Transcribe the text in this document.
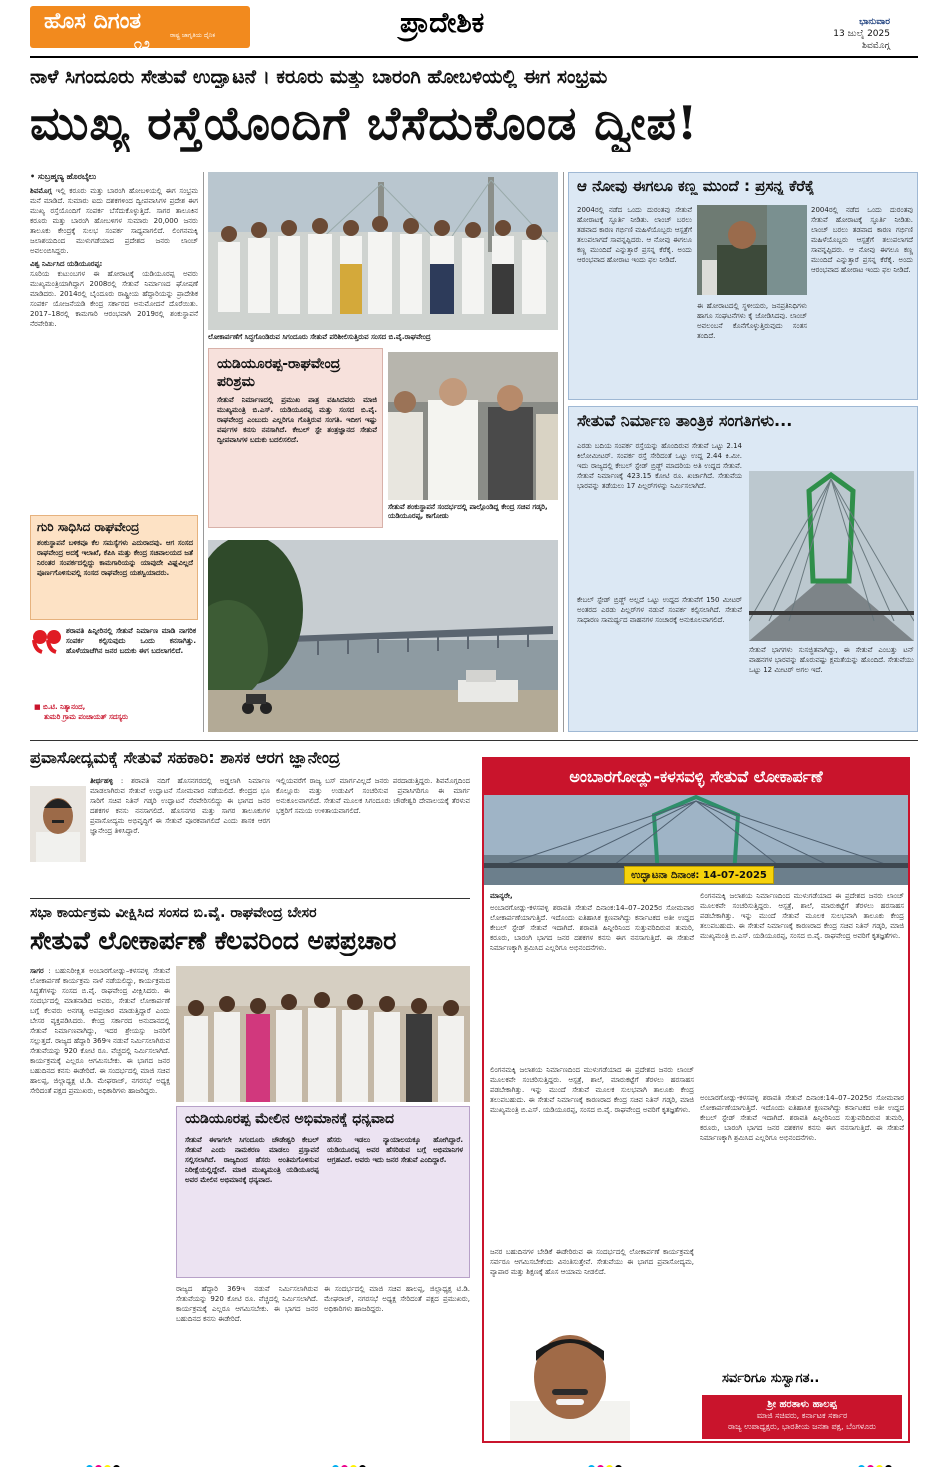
ಹೊಸ ದಿಗಂತ
೧೨
ರಾಷ್ಟ್ರ ಜಾಗೃತಿಯ ದೈನಿಕ	ಪ್ರಾದೇಶಿಕ	ಭಾನುವಾರ
13 ಜುಲೈ 2025
ಶಿವಮೊಗ್ಗ
ನಾಳೆ ಸಿಗಂದೂರು ಸೇತುವೆ ಉದ್ಘಾಟನೆ । ಕರೂರು ಮತ್ತು ಬಾರಂಗಿ ಹೋಬಳಿಯಲ್ಲಿ ಈಗ ಸಂಭ್ರಮ
ಮುಖ್ಯ ರಸ್ತೆಯೊಂದಿಗೆ ಬೆಸೆದುಕೊಂಡ ದ್ವೀಪ!
• ಸುಬ್ರಹ್ಮಣ್ಯ ಹೊರಬೈಲು
ಶಿವಮೊಗ್ಗ ಇಲ್ಲಿ ಕರೂರು ಮತ್ತು ಬಾರಂಗಿ ಹೋಬಳಿಯಲ್ಲಿ ಈಗ ಸಂಭ್ರಮ ಮನೆ ಮಾಡಿದೆ. ಸುಮಾರು ಐದು ದಶಕಗಳಿಂದ ದ್ವೀಪವಾಸಿಗಳ ಪ್ರದೇಶ ಈಗ ಮುಖ್ಯ ರಸ್ತೆಯೊಂದಿಗೆ ಸಂಪರ್ಕ ಬೆಸೆದುಕೊಳ್ಳುತ್ತಿದೆ. ಸಾಗರ ತಾಲೂಕಿನ ಕರೂರು ಮತ್ತು ಬಾರಂಗಿ ಹೋಬಳಿಗಳ ಸುಮಾರು 20,000 ಜನರು ತಾಲೂಕು ಕೇಂದ್ರಕ್ಕೆ ಸುಲಭ ಸಂಪರ್ಕ ಸಾಧ್ಯವಾಗಲಿದೆ. ಲಿಂಗನಮಕ್ಕಿ ಜಲಾಶಯದಿಂದ ಮುಳುಗಡೆಯಾದ ಪ್ರದೇಶದ ಜನರು ಲಾಂಚ್ ಅವಲಂಬಿಸಿದ್ದರು.
ವಿಶ್ವ ನಿರ್ಮಿಸಿದ ಯಡಿಯೂರಪ್ಪ:
ಸೂರಿಯ ಕುಟುಂಬಗಳ ಈ ಹೋರಾಟಕ್ಕೆ ಯಡಿಯೂರಪ್ಪ ಅವರು ಮುಖ್ಯಮಂತ್ರಿಯಾಗಿದ್ದಾಗ 2008ರಲ್ಲಿ ಸೇತುವೆ ನಿರ್ಮಾಣದ ಘೋಷಣೆ ಮಾಡಿದರು. 2014ರಲ್ಲಿ ಬೈಂದೂರು ರಾಷ್ಟ್ರೀಯ ಹೆದ್ದಾರಿಯನ್ನು ಪ್ರಾದೇಶಿಕ ಸಂಪರ್ಕ ಯೋಜನೆಯಡಿ ಕೇಂದ್ರ ಸರ್ಕಾರದ ಅನುಮೋದನೆ ದೊರೆಯಿತು. 2017–18ರಲ್ಲಿ ಕಾಮಗಾರಿ ಆರಂಭವಾಗಿ 2019ರಲ್ಲಿ ಶಂಕುಸ್ಥಾಪನೆ ನೆರವೇರಿತು.
ಗುರಿ ಸಾಧಿಸಿದ ರಾಘವೇಂದ್ರ
ಶಂಕುಸ್ಥಾಪನೆ ಬಳಿಕವೂ ಕೆಲ ಸಮಸ್ಯೆಗಳು ಎದುರಾದವು. ಆಗ ಸಂಸದ ರಾಘವೇಂದ್ರ ಅದಕ್ಕೆ ಇಲಾಖೆ, ಕೆಪಿಸಿ ಮತ್ತು ಕೇಂದ್ರ ಸಚಿವಾಲಯದ ಜತೆ ನಿರಂತರ ಸಂಪರ್ಕದಲ್ಲಿದ್ದು ಕಾಮಗಾರಿಯನ್ನು ಯಾವುದೇ ವಿಘ್ನವಿಲ್ಲದೆ ಪೂರ್ಣಗೊಳಿಸುವಲ್ಲಿ ಸಂಸದ ರಾಘವೇಂದ್ರ ಯಶಸ್ವಿಯಾದರು.
ಶರಾವತಿ ಹಿನ್ನೀರಿನಲ್ಲಿ ಸೇತುವೆ ನಿರ್ಮಾಣ ಮಾಡಿ ನಾಗರಿಕ ಸಂಪರ್ಕ ಕಲ್ಪಿಸುವುದು ಒಂದು ಕನಸಾಗಿತ್ತು. ಹೊಳೆಯಾಚೆಗಿನ ಜನರ ಬದುಕು ಈಗ ಬದಲಾಗಲಿದೆ.
■ ಬಿ.ಟಿ. ನಿತ್ಯಾನಂದ,
ತುಮರಿ ಗ್ರಾಮ ಪಂಚಾಯತ್ ಸದಸ್ಯರು
ಲೋಕಾರ್ಪಣೆಗೆ ಸಿದ್ಧಗೊಂಡಿರುವ ಸಿಗಂದೂರು ಸೇತುವೆ ಪರಿಶೀಲಿಸುತ್ತಿರುವ ಸಂಸದ ಬಿ.ವೈ.ರಾಘವೇಂದ್ರ
ಯಡಿಯೂರಪ್ಪ-ರಾಘವೇಂದ್ರ ಪರಿಶ್ರಮ
ಸೇತುವೆ ನಿರ್ಮಾಣದಲ್ಲಿ ಪ್ರಮುಖ ಪಾತ್ರ ವಹಿಸಿದವರು ಮಾಜಿ ಮುಖ್ಯಮಂತ್ರಿ ಬಿ.ಎಸ್. ಯಡಿಯೂರಪ್ಪ ಮತ್ತು ಸಂಸದ ಬಿ.ವೈ. ರಾಘವೇಂದ್ರ ಎಂಬುದು ಎಲ್ಲರಿಗೂ ಗೊತ್ತಿರುವ ಸಂಗತಿ. ಇದೀಗ ಇಷ್ಟು ವರ್ಷಗಳ ಕನಸು ನನಸಾಗಿದೆ. ಕೇಬಲ್ ಸ್ಟೇ ತಂತ್ರಜ್ಞಾನದ ಸೇತುವೆ ದ್ವೀಪವಾಸಿಗಳ ಬದುಕು ಬದಲಿಸಲಿದೆ.
ಸೇತುವೆ ಶಂಕುಸ್ಥಾಪನೆ ಸಂದರ್ಭದಲ್ಲಿ ಪಾಲ್ಗೊಂಡಿದ್ದ ಕೇಂದ್ರ ಸಚಿವ ಗಡ್ಕರಿ, ಯಡಿಯೂರಪ್ಪ, ಕಾಗೋಡು
ಆ ನೋವು ಈಗಲೂ ಕಣ್ಣ ಮುಂದೆ : ಪ್ರಸನ್ನ ಕೆರೆಕೈ
2004ರಲ್ಲಿ ನಡೆದ ಒಂದು ದುರಂತವು ಸೇತುವೆ ಹೋರಾಟಕ್ಕೆ ಸ್ಫೂರ್ತಿ ನೀಡಿತು. ಲಾಂಚ್ ಬರಲು ತಡವಾದ ಕಾರಣ ಗರ್ಭಿಣಿ ಮಹಿಳೆಯೊಬ್ಬರು ಆಸ್ಪತ್ರೆಗೆ ತಲುಪಲಾಗದೆ ಸಾವನ್ನಪ್ಪಿದರು. ಆ ನೋವು ಈಗಲೂ ಕಣ್ಣ ಮುಂದಿದೆ ಎನ್ನುತ್ತಾರೆ ಪ್ರಸನ್ನ ಕೆರೆಕೈ. ಅಂದು ಆರಂಭವಾದ ಹೋರಾಟ ಇಂದು ಫಲ ನೀಡಿದೆ.
ಈ ಹೋರಾಟದಲ್ಲಿ ಸ್ಥಳೀಯರು, ಜನಪ್ರತಿನಿಧಿಗಳು ಹಾಗೂ ಸಂಘಟನೆಗಳು ಕೈ ಜೋಡಿಸಿದವು. ಲಾಂಚ್ ಅವಲಂಬನೆ ಕೊನೆಗೊಳ್ಳುತ್ತಿರುವುದು ಸಂತಸ ತಂದಿದೆ.
2004ರಲ್ಲಿ ನಡೆದ ಒಂದು ದುರಂತವು ಸೇತುವೆ ಹೋರಾಟಕ್ಕೆ ಸ್ಫೂರ್ತಿ ನೀಡಿತು. ಲಾಂಚ್ ಬರಲು ತಡವಾದ ಕಾರಣ ಗರ್ಭಿಣಿ ಮಹಿಳೆಯೊಬ್ಬರು ಆಸ್ಪತ್ರೆಗೆ ತಲುಪಲಾಗದೆ ಸಾವನ್ನಪ್ಪಿದರು. ಆ ನೋವು ಈಗಲೂ ಕಣ್ಣ ಮುಂದಿದೆ ಎನ್ನುತ್ತಾರೆ ಪ್ರಸನ್ನ ಕೆರೆಕೈ. ಅಂದು ಆರಂಭವಾದ ಹೋರಾಟ ಇಂದು ಫಲ ನೀಡಿದೆ.
ಸೇತುವೆ ನಿರ್ಮಾಣ ತಾಂತ್ರಿಕ ಸಂಗತಿಗಳು...
ಎರಡು ಬದಿಯ ಸಂಪರ್ಕ ರಸ್ತೆಯನ್ನು ಹೊಂದಿರುವ ಸೇತುವೆ ಒಟ್ಟು 2.14 ಕಿಲೋಮೀಟರ್. ಸಂಪರ್ಕ ರಸ್ತೆ ಸೇರಿದಂತೆ ಒಟ್ಟು ಉದ್ದ 2.44 ಕಿ.ಮೀ. ಇದು ರಾಜ್ಯದಲ್ಲಿ ಕೇಬಲ್ ಸ್ಟೇಡ್ ಬ್ರಿಡ್ಜ್ ಮಾದರಿಯ ಅತಿ ಉದ್ದದ ಸೇತುವೆ. ಸೇತುವೆ ನಿರ್ಮಾಣಕ್ಕೆ 423.15 ಕೋಟಿ ರೂ. ಖರ್ಚಾಗಿದೆ. ಸೇತುವೆಯ ಭಾರವನ್ನು ತಡೆಯಲು 17 ಪಿಲ್ಲರ್‌ಗಳನ್ನು ನಿರ್ಮಿಸಲಾಗಿದೆ.
ಕೇಬಲ್ ಸ್ಟೇಡ್ ಬ್ರಿಡ್ಜ್ ಅಲ್ಲದೆ ಒಟ್ಟು ಉದ್ದದ ಸೇತುವೆಗೆ 150 ಮೀಟರ್ ಅಂತರದ ಎರಡು ಪಿಲ್ಲರ್‌ಗಳ ನಡುವೆ ಸಂಪರ್ಕ ಕಲ್ಪಿಸಲಾಗಿದೆ. ಸೇತುವೆ ಸಾಧಾರಣ ಸಾಮರ್ಥ್ಯದ ವಾಹನಗಳ ಸಂಚಾರಕ್ಕೆ ಅನುಕೂಲವಾಗಲಿದೆ.
ಸೇತುವೆ ಭಾಗಗಳು ಸುಸಜ್ಜಿತವಾಗಿದ್ದು, ಈ ಸೇತುವೆ ಎಂಬತ್ತು ಟನ್ ವಾಹನಗಳ ಭಾರವನ್ನು ಹೊರುವಷ್ಟು ಕ್ಷಮತೆಯನ್ನು ಹೊಂದಿದೆ. ಸೇತುವೆಯು ಒಟ್ಟು 12 ಮೀಟರ್ ಅಗಲ ಇದೆ.
ಪ್ರವಾಸೋದ್ಯಮಕ್ಕೆ ಸೇತುವೆ ಸಹಕಾರಿ: ಶಾಸಕ ಆರಗ ಜ್ಞಾನೇಂದ್ರ
ತೀರ್ಥಹಳ್ಳಿ : ಶರಾವತಿ ನದಿಗೆ ಹೊಸನಗರದಲ್ಲಿ ಅಡ್ಡಲಾಗಿ ನಿರ್ಮಾಣ ಮಾಡಲಾಗಿರುವ ಸೇತುವೆ ಉದ್ಘಾಟನೆ ಸೋಮವಾರ ನಡೆಯಲಿದೆ. ಕೇಂದ್ರದ ಭೂ ಸಾರಿಗೆ ಸಚಿವ ನಿತಿನ್ ಗಡ್ಕರಿ ಉದ್ಘಾಟನೆ ನೆರವೇರಿಸಲಿದ್ದು ಈ ಭಾಗದ ಜನರ ದಶಕಗಳ ಕನಸು ನನಸಾಗಲಿದೆ. ಹೊಸನಗರ ಮತ್ತು ಸಾಗರ ತಾಲೂಕುಗಳ ಪ್ರವಾಸೋದ್ಯಮ ಅಭಿವೃದ್ಧಿಗೆ ಈ ಸೇತುವೆ ಪೂರಕವಾಗಲಿದೆ ಎಂದು ಶಾಸಕ ಆರಗ ಜ್ಞಾನೇಂದ್ರ ತಿಳಿಸಿದ್ದಾರೆ.
ಇಲ್ಲಿಯವರೆಗೆ ರಾಜ್ಯ ಬಸ್ ಮಾರ್ಗವಿಲ್ಲದೆ ಜನರು ಪರದಾಡುತ್ತಿದ್ದರು. ಶಿವಮೊಗ್ಗದಿಂದ ಕೊಲ್ಲೂರು ಮತ್ತು ಉಡುಪಿಗೆ ಸಂಚರಿಸುವ ಪ್ರವಾಸಿಗರಿಗೂ ಈ ಮಾರ್ಗ ಅನುಕೂಲವಾಗಲಿದೆ. ಸೇತುವೆ ಮೂಲಕ ಸಿಗಂದೂರು ಚೌಡೇಶ್ವರಿ ದೇವಾಲಯಕ್ಕೆ ತೆರಳುವ ಭಕ್ತರಿಗೆ ಸಮಯ ಉಳಿತಾಯವಾಗಲಿದೆ.
ಸಭಾ ಕಾರ್ಯಕ್ರಮ ವೀಕ್ಷಿಸಿದ ಸಂಸದ ಬಿ.ವೈ. ರಾಘವೇಂದ್ರ ಬೇಸರ
ಸೇತುವೆ ಲೋಕಾರ್ಪಣೆ ಕೆಲವರಿಂದ ಅಪಪ್ರಚಾರ
ಸಾಗರ : ಬಹುನಿರೀಕ್ಷಿತ ಅಂಬಾರಗೋಡ್ಲು–ಕಳಸವಳ್ಳಿ ಸೇತುವೆ ಲೋಕಾರ್ಪಣೆ ಕಾರ್ಯಕ್ರಮ ನಾಳೆ ನಡೆಯಲಿದ್ದು, ಕಾರ್ಯಕ್ರಮದ ಸಿದ್ಧತೆಗಳನ್ನು ಸಂಸದ ಬಿ.ವೈ. ರಾಘವೇಂದ್ರ ವೀಕ್ಷಿಸಿದರು. ಈ ಸಂದರ್ಭದಲ್ಲಿ ಮಾತನಾಡಿದ ಅವರು, ಸೇತುವೆ ಲೋಕಾರ್ಪಣೆ ಬಗ್ಗೆ ಕೆಲವರು ಅನಗತ್ಯ ಅಪಪ್ರಚಾರ ಮಾಡುತ್ತಿದ್ದಾರೆ ಎಂದು ಬೇಸರ ವ್ಯಕ್ತಪಡಿಸಿದರು. ಕೇಂದ್ರ ಸರ್ಕಾರದ ಅನುದಾನದಲ್ಲಿ ಸೇತುವೆ ನಿರ್ಮಾಣವಾಗಿದ್ದು, ಇದರ ಶ್ರೇಯಸ್ಸು ಜನರಿಗೆ ಸಲ್ಲುತ್ತದೆ. ರಾಜ್ಯದ ಹೆದ್ದಾರಿ 369ಇ ನಡುವೆ ನಿರ್ಮಿಸಲಾಗಿರುವ ಸೇತುವೆಯನ್ನು 920 ಕೋಟಿ ರೂ. ವೆಚ್ಚದಲ್ಲಿ ನಿರ್ಮಿಸಲಾಗಿದೆ. ಕಾರ್ಯಕ್ರಮಕ್ಕೆ ಎಲ್ಲರೂ ಆಗಮಿಸಬೇಕು. ಈ ಭಾಗದ ಜನರ ಬಹುದಿನದ ಕನಸು ಈಡೇರಿದೆ. ಈ ಸಂದರ್ಭದಲ್ಲಿ ಮಾಜಿ ಸಚಿವ ಹಾಲಪ್ಪ, ಜಿಲ್ಲಾಧ್ಯಕ್ಷ ಟಿ.ಡಿ. ಮೇಘರಾಜ್, ನಗರಸಭೆ ಅಧ್ಯಕ್ಷ ಸೇರಿದಂತೆ ಪಕ್ಷದ ಪ್ರಮುಖರು, ಅಧಿಕಾರಿಗಳು ಹಾಜರಿದ್ದರು.
ಯಡಿಯೂರಪ್ಪ ಮೇಲಿನ ಅಭಿಮಾನಕ್ಕೆ ಧನ್ಯವಾದ
ಸೇತುವೆ ಈಗಾಗಲೇ ಸಿಗಂದೂರು ಚೌಡೇಶ್ವರಿ ಕೇಬಲ್ ಸೇತುವೆ ಎಂದು ನಾಮಕರಣ ಮಾಡಲು ಪ್ರಸ್ತಾವನೆ ಸಲ್ಲಿಸಲಾಗಿದೆ. ರಾಜ್ಯದಿಂದ ಹೆಸರು ಅಂತಿಮಗೊಳಿಸುವ ನಿರೀಕ್ಷೆಯಲ್ಲಿದ್ದೇವೆ. ಮಾಜಿ ಮುಖ್ಯಮಂತ್ರಿ ಯಡಿಯೂರಪ್ಪ ಅವರ ಮೇಲಿನ ಅಭಿಮಾನಕ್ಕೆ ಧನ್ಯವಾದ.
ಹೆಸರು ಇಡಲು ನ್ಯಾಯಾಲಯಕ್ಕೂ ಹೋಗಿದ್ದಾರೆ. ಯಡಿಯೂರಪ್ಪ ಅವರ ಹೆಸರಿಡುವ ಬಗ್ಗೆ ಅಭಿಮಾನಿಗಳ ಆಗ್ರಹವಿದೆ. ಅವರು ಇದು ಜನರ ಸೇತುವೆ ಎಂದಿದ್ದಾರೆ.
ರಾಜ್ಯದ ಹೆದ್ದಾರಿ 369ಇ ನಡುವೆ ನಿರ್ಮಿಸಲಾಗಿರುವ ಸೇತುವೆಯನ್ನು 920 ಕೋಟಿ ರೂ. ವೆಚ್ಚದಲ್ಲಿ ನಿರ್ಮಿಸಲಾಗಿದೆ. ಕಾರ್ಯಕ್ರಮಕ್ಕೆ ಎಲ್ಲರೂ ಆಗಮಿಸಬೇಕು. ಈ ಭಾಗದ ಜನರ ಬಹುದಿನದ ಕನಸು ಈಡೇರಿದೆ.
ಈ ಸಂದರ್ಭದಲ್ಲಿ ಮಾಜಿ ಸಚಿವ ಹಾಲಪ್ಪ, ಜಿಲ್ಲಾಧ್ಯಕ್ಷ ಟಿ.ಡಿ. ಮೇಘರಾಜ್, ನಗರಸಭೆ ಅಧ್ಯಕ್ಷ ಸೇರಿದಂತೆ ಪಕ್ಷದ ಪ್ರಮುಖರು, ಅಧಿಕಾರಿಗಳು ಹಾಜರಿದ್ದರು.
ಅಂಬಾರಗೋಡ್ಲು-ಕಳಸವಳ್ಳಿ ಸೇತುವೆ ಲೋಕಾರ್ಪಣೆ
ಉದ್ಘಾಟನಾ ದಿನಾಂಕ: 14-07-2025
ಮಾನ್ಯರೇ,
ಅಂಬಾರಗೋಡ್ಲು-ಕಳಸವಳ್ಳಿ ಶರಾವತಿ ಸೇತುವೆ ದಿನಾಂಕ:14–07–2025ರ ಸೋಮವಾರ ಲೋಕಾರ್ಪಣೆಯಾಗುತ್ತಿದೆ. ಇದೊಂದು ಐತಿಹಾಸಿಕ ಕ್ಷಣವಾಗಿದ್ದು ಕರ್ನಾಟಕದ ಅತೀ ಉದ್ದದ ಕೇಬಲ್ ಸ್ಟೇಡ್ ಸೇತುವೆ ಇದಾಗಿದೆ. ಶರಾವತಿ ಹಿನ್ನೀರಿನಿಂದ ಸುತ್ತುವರಿದಿರುವ ತುಮರಿ, ಕರೂರು, ಬಾರಂಗಿ ಭಾಗದ ಜನರ ದಶಕಗಳ ಕನಸು ಈಗ ನನಸಾಗುತ್ತಿದೆ. ಈ ಸೇತುವೆ ನಿರ್ಮಾಣಕ್ಕಾಗಿ ಶ್ರಮಿಸಿದ ಎಲ್ಲರಿಗೂ ಅಭಿನಂದನೆಗಳು.
ಲಿಂಗನಮಕ್ಕಿ ಜಲಾಶಯ ನಿರ್ಮಾಣದಿಂದ ಮುಳುಗಡೆಯಾದ ಈ ಪ್ರದೇಶದ ಜನರು ಲಾಂಚ್ ಮೂಲಕವೇ ಸಂಚರಿಸುತ್ತಿದ್ದರು. ಆಸ್ಪತ್ರೆ, ಶಾಲೆ, ಮಾರುಕಟ್ಟೆಗೆ ತೆರಳಲು ಹರಸಾಹಸ ಪಡಬೇಕಾಗಿತ್ತು. ಇನ್ನು ಮುಂದೆ ಸೇತುವೆ ಮೂಲಕ ಸುಲಭವಾಗಿ ತಾಲೂಕು ಕೇಂದ್ರ ತಲುಪಬಹುದು. ಈ ಸೇತುವೆ ನಿರ್ಮಾಣಕ್ಕೆ ಕಾರಣರಾದ ಕೇಂದ್ರ ಸಚಿವ ನಿತಿನ್ ಗಡ್ಕರಿ, ಮಾಜಿ ಮುಖ್ಯಮಂತ್ರಿ ಬಿ.ಎಸ್. ಯಡಿಯೂರಪ್ಪ, ಸಂಸದ ಬಿ.ವೈ. ರಾಘವೇಂದ್ರ ಅವರಿಗೆ ಕೃತಜ್ಞತೆಗಳು.
ಜನರ ಬಹುದಿನಗಳ ಬೇಡಿಕೆ ಈಡೇರಿರುವ ಈ ಸಂದರ್ಭದಲ್ಲಿ ಲೋಕಾರ್ಪಣೆ ಕಾರ್ಯಕ್ರಮಕ್ಕೆ ಸರ್ವರೂ ಆಗಮಿಸಬೇಕೆಂದು ವಿನಂತಿಸುತ್ತೇವೆ. ಸೇತುವೆಯು ಈ ಭಾಗದ ಪ್ರವಾಸೋದ್ಯಮ, ವ್ಯಾಪಾರ ಮತ್ತು ಶಿಕ್ಷಣಕ್ಕೆ ಹೊಸ ಆಯಾಮ ನೀಡಲಿದೆ.
ಲಿಂಗನಮಕ್ಕಿ ಜಲಾಶಯ ನಿರ್ಮಾಣದಿಂದ ಮುಳುಗಡೆಯಾದ ಈ ಪ್ರದೇಶದ ಜನರು ಲಾಂಚ್ ಮೂಲಕವೇ ಸಂಚರಿಸುತ್ತಿದ್ದರು. ಆಸ್ಪತ್ರೆ, ಶಾಲೆ, ಮಾರುಕಟ್ಟೆಗೆ ತೆರಳಲು ಹರಸಾಹಸ ಪಡಬೇಕಾಗಿತ್ತು. ಇನ್ನು ಮುಂದೆ ಸೇತುವೆ ಮೂಲಕ ಸುಲಭವಾಗಿ ತಾಲೂಕು ಕೇಂದ್ರ ತಲುಪಬಹುದು. ಈ ಸೇತುವೆ ನಿರ್ಮಾಣಕ್ಕೆ ಕಾರಣರಾದ ಕೇಂದ್ರ ಸಚಿವ ನಿತಿನ್ ಗಡ್ಕರಿ, ಮಾಜಿ ಮುಖ್ಯಮಂತ್ರಿ ಬಿ.ಎಸ್. ಯಡಿಯೂರಪ್ಪ, ಸಂಸದ ಬಿ.ವೈ. ರಾಘವೇಂದ್ರ ಅವರಿಗೆ ಕೃತಜ್ಞತೆಗಳು.
ಅಂಬಾರಗೋಡ್ಲು-ಕಳಸವಳ್ಳಿ ಶರಾವತಿ ಸೇತುವೆ ದಿನಾಂಕ:14–07–2025ರ ಸೋಮವಾರ ಲೋಕಾರ್ಪಣೆಯಾಗುತ್ತಿದೆ. ಇದೊಂದು ಐತಿಹಾಸಿಕ ಕ್ಷಣವಾಗಿದ್ದು ಕರ್ನಾಟಕದ ಅತೀ ಉದ್ದದ ಕೇಬಲ್ ಸ್ಟೇಡ್ ಸೇತುವೆ ಇದಾಗಿದೆ. ಶರಾವತಿ ಹಿನ್ನೀರಿನಿಂದ ಸುತ್ತುವರಿದಿರುವ ತುಮರಿ, ಕರೂರು, ಬಾರಂಗಿ ಭಾಗದ ಜನರ ದಶಕಗಳ ಕನಸು ಈಗ ನನಸಾಗುತ್ತಿದೆ. ಈ ಸೇತುವೆ ನಿರ್ಮಾಣಕ್ಕಾಗಿ ಶ್ರಮಿಸಿದ ಎಲ್ಲರಿಗೂ ಅಭಿನಂದನೆಗಳು.
ಸರ್ವರಿಗೂ ಸುಸ್ವಾಗತ..
ಶ್ರೀ ಹರತಾಳು ಹಾಲಪ್ಪ
ಮಾಜಿ ಸಚಿವರು, ಕರ್ನಾಟಕ ಸರ್ಕಾರ
ರಾಜ್ಯ ಉಪಾಧ್ಯಕ್ಷರು, ಭಾರತೀಯ ಜನತಾ ಪಕ್ಷ, ಬೆಂಗಳೂರು
